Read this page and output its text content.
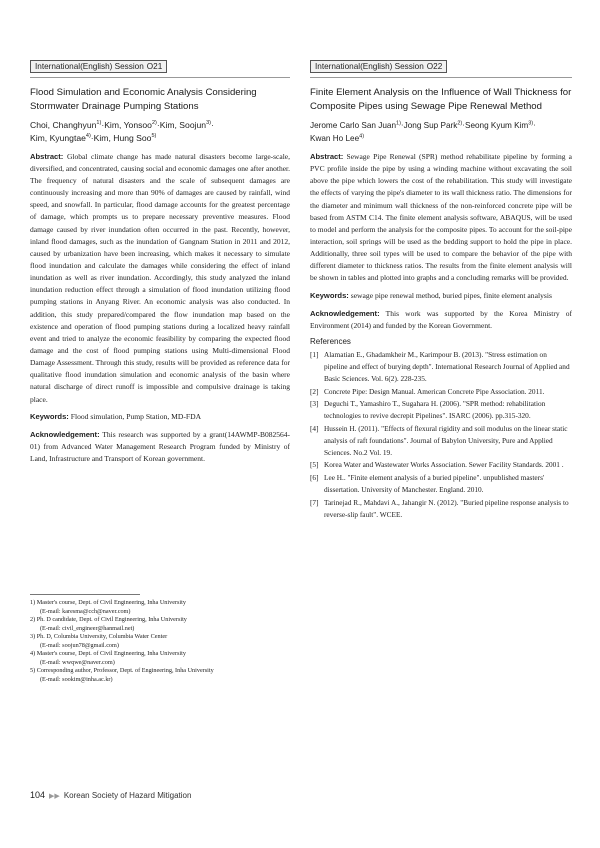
International(English) Session O21
Flood Simulation and Economic Analysis Considering Stormwater Drainage Pumping Stations
Choi, Changhyun$^{1)}$·Kim, Yonsoo$^{2)}$·Kim, Soojun$^{3)}$·
Kim, Kyungtae$^{4)}$·Kim, Hung Soo$^{5)}$

Abstract: Global climate change has made natural disasters become large-scale, diversified, and concentrated, causing social and economic damages one after another. The frequency of natural disasters and the scale of subsequent damages are continuously increasing and more than 90% of damages are caused by rainfall, wind speed, and snowfall. In particular, flood damage accounts for the greatest percentage of damage, which prompts us to prepare necessary preventive measures. Flood damage caused by river inundation often occurred in the past. Recently, however, inland flood damages, such as the inundation of Gangnam Station in 2011 and 2012, caused by urbanization have been increasing, which makes it necessary to simulate flood inundation and calculate the damages while considering the effect of inland inundation as well as river inundation. Accordingly, this study analyzed the inland inundation reduction effect through a simulation of flood inundation utilizing flood pumping stations in Anyang River. An economic analysis was also conducted. In addition, this study prepared/compared the flow inundation map based on the existence and operation of flood pumping stations during a localized heavy rainfall event and tried to analyze the economic feasibility by comparing the expected flood damage and the cost of flood pumping stations using Multi-dimensional Flood Damage Assessment. Through this study, results will be provided as reference data for qualitative flood inundation simulation and economic analysis of the basin where natural discharge of direct runoff is impossible and compulsive drainage is taking place.

Keywords: Flood simulation, Pump Station, MD-FDA

Acknowledgement: This research was supported by a grant(14AWMP-B082564-01) from Advanced Water Management Research Program funded by Ministry of Land, Infrastructure and Transport of Korean government.

1) Master's course, Dept. of Civil Engineering, Inha University
(E-mail: karesma@cch@naver.com)

2) Ph. D candidate, Dept. of Civil Engineering, Inha University
(E-mail: civil_engineer@hanmail.net)

3) Ph. D, Columbia University, Columbia Water Center
(E-mail: soojun78@gmail.com)

4) Master's course, Dept. of Civil Engineering, Inha University
(E-mail: wwqwe@naver.com)

5) Corresponding author, Professor, Dept. of Engineering, Inha University
(E-mail: sookim@inha.ac.kr)

International(English) Session O22
Finite Element Analysis on the Influence of Wall Thickness for Composite Pipes using Sewage Pipe Renewal Method
Jerome Carlo San Juan$^{1)}$·Jong Sup Park$^{2)}$·Seong Kyum Kim$^{3)}$·
Kwan Ho Lee$^{4)}$

Abstract: Sewage Pipe Renewal (SPR) method rehabilitate pipeline by forming a PVC profile inside the pipe by using a winding machine without excavating the soil above the pipe which lowers the cost of the rehabilitation. This study will investigate the effects of varying the pipe's diameter to its wall thickness ratio. The dimensions for the diameter and minimum wall thickness of the non-reinforced concrete pipe will be based from ASTM C14. The finite element analysis software, ABAQUS, will be used to model and perform the analysis for the composite pipes. To account for the soil-pipe interaction, soil springs will be used as the bedding support to hold the pipe in place. Additionally, three soil types will be used to compare the behavior of the pipe with different diameter to thickness ratios. The results from the finite element analysis will be shown in tables and plotted into graphs and a concluding remarks will be provided.

Keywords: sewage pipe renewal method, buried pipes, finite element analysis

Acknowledgement: This work was supported by the Korea Ministry of Environment (2014) and funded by the Korean Government.

References
[1] Alamatian E., Ghadamkheir M., Karimpour B. (2013). "Stress estimation on pipeline and effect of burying depth". International Research Journal of Applied and Basic Sciences. Vol. 6(2). 228-235.
[2] Concrete Pipe: Design Manual. American Concrete Pipe Association. 2011.
[3] Deguchi T., Yamashiro T., Sugahara H. (2006). "SPR method: rehabilitation technologies to revive decrepit Pipelines". ISARC (2006). pp.315-320.
[4] Hussein H. (2011). "Effects of flexural rigidity and soil modulus on the linear static analysis of raft foundations". Journal of Babylon University, Pure and Applied Sciences. No.2 Vol. 19.
[5] Korea Water and Wastewater Works Association. Sewer Facility Standards. 2001 .
[6] Lee H.. "Finite element analysis of a buried pipeline". unpublished masters' dissertation. University of Manchester. England. 2010.
[7] Tarinejad R., Mahdavi A., Jahangir N. (2012). "Buried pipeline response analysis to reverse-slip fault". WCEE.
104 ▶▶ Korean Society of Hazard Mitigation
